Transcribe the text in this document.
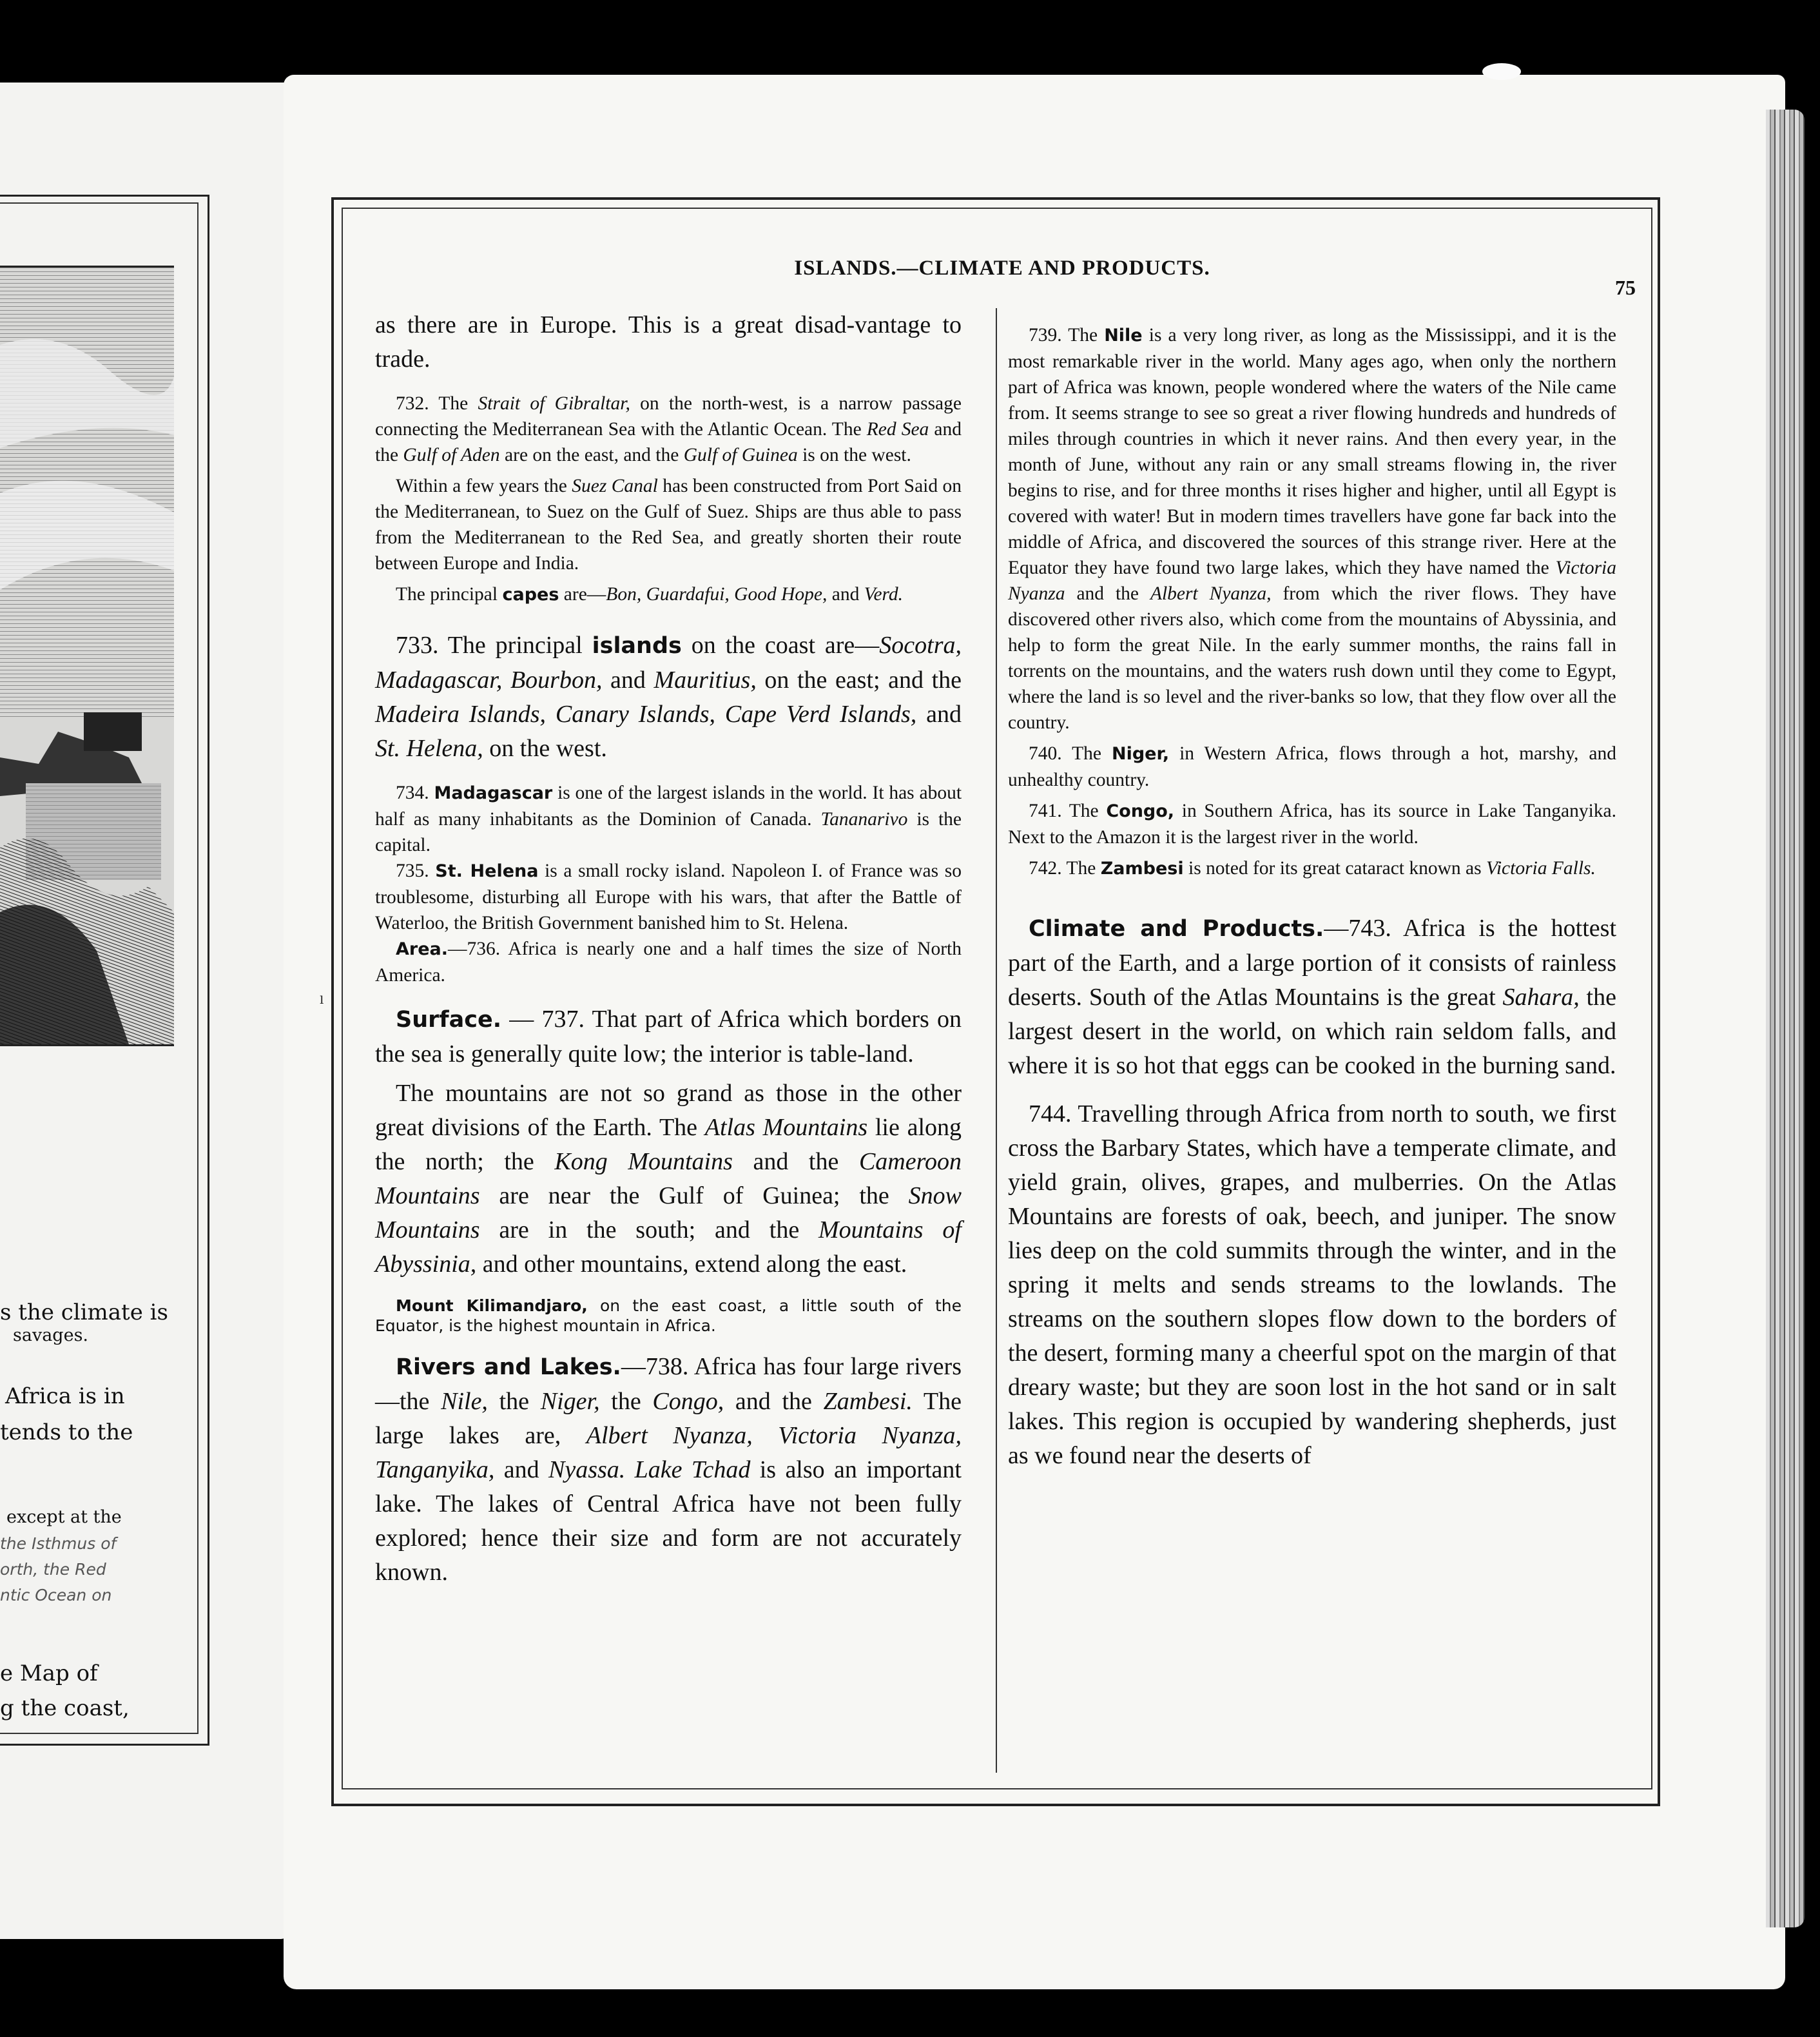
s the climate is
savages.
Africa is in
tends to the
except at the
the Isthmus of
orth, the Red
ntic Ocean on
e Map of
g the coast,
ˡ
ISLANDS.—CLIMATE AND PRODUCTS.
75

as there are in Europe. This is a great disad-vantage to trade.

732. The Strait of Gibraltar, on the north-west, is a narrow passage connecting the Mediterranean Sea with the Atlantic Ocean. The Red Sea and the Gulf of Aden are on the east, and the Gulf of Guinea is on the west.

Within a few years the Suez Canal has been constructed from Port Said on the Mediterranean, to Suez on the Gulf of Suez. Ships are thus able to pass from the Mediterranean to the Red Sea, and greatly shorten their route between Europe and India.

The principal capes are—Bon, Guardafui, Good Hope, and Verd.

733. The principal islands on the coast are—Socotra, Madagascar, Bourbon, and Mauritius, on the east; and the Madeira Islands, Canary Islands, Cape Verd Islands, and St. Helena, on the west.

734. Madagascar is one of the largest islands in the world. It has about half as many inhabitants as the Dominion of Canada. Tananarivo is the capital.

735. St. Helena is a small rocky island. Napoleon I. of France was so troublesome, disturbing all Europe with his wars, that after the Battle of Waterloo, the British Government banished him to St. Helena.

Area.—736. Africa is nearly one and a half times the size of North America.

Surface. — 737. That part of Africa which borders on the sea is generally quite low; the interior is table-land.

The mountains are not so grand as those in the other great divisions of the Earth. The Atlas Mountains lie along the north; the Kong Mountains and the Cameroon Mountains are near the Gulf of Guinea; the Snow Mountains are in the south; and the Mountains of Abyssinia, and other mountains, extend along the east.

Mount Kilimandjaro, on the east coast, a little south of the Equator, is the highest mountain in Africa.

Rivers and Lakes.—738. Africa has four large rivers—the Nile, the Niger, the Congo, and the Zambesi. The large lakes are, Albert Nyanza, Victoria Nyanza, Tanganyika, and Nyassa. Lake Tchad is also an important lake. The lakes of Central Africa have not been fully explored; hence their size and form are not accurately known.

739. The Nile is a very long river, as long as the Mississippi, and it is the most remarkable river in the world. Many ages ago, when only the northern part of Africa was known, people wondered where the waters of the Nile came from. It seems strange to see so great a river flowing hundreds and hundreds of miles through countries in which it never rains. And then every year, in the month of June, without any rain or any small streams flowing in, the river begins to rise, and for three months it rises higher and higher, until all Egypt is covered with water! But in modern times travellers have gone far back into the middle of Africa, and discovered the sources of this strange river. Here at the Equator they have found two large lakes, which they have named the Victoria Nyanza and the Albert Nyanza, from which the river flows. They have discovered other rivers also, which come from the mountains of Abyssinia, and help to form the great Nile. In the early summer months, the rains fall in torrents on the mountains, and the waters rush down until they come to Egypt, where the land is so level and the river-banks so low, that they flow over all the country.

740. The Niger, in Western Africa, flows through a hot, marshy, and unhealthy country.

741. The Congo, in Southern Africa, has its source in Lake Tanganyika. Next to the Amazon it is the largest river in the world.

742. The Zambesi is noted for its great cataract known as Victoria Falls.

Climate and Products.—743. Africa is the hottest part of the Earth, and a large portion of it consists of rainless deserts. South of the Atlas Mountains is the great Sahara, the largest desert in the world, on which rain seldom falls, and where it is so hot that eggs can be cooked in the burning sand.

744. Travelling through Africa from north to south, we first cross the Barbary States, which have a temperate climate, and yield grain, olives, grapes, and mulberries. On the Atlas Mountains are forests of oak, beech, and juniper. The snow lies deep on the cold summits through the winter, and in the spring it melts and sends streams to the lowlands. The streams on the southern slopes flow down to the borders of the desert, forming many a cheerful spot on the margin of that dreary waste; but they are soon lost in the hot sand or in salt lakes. This region is occupied by wandering shepherds, just as we found near the deserts of
